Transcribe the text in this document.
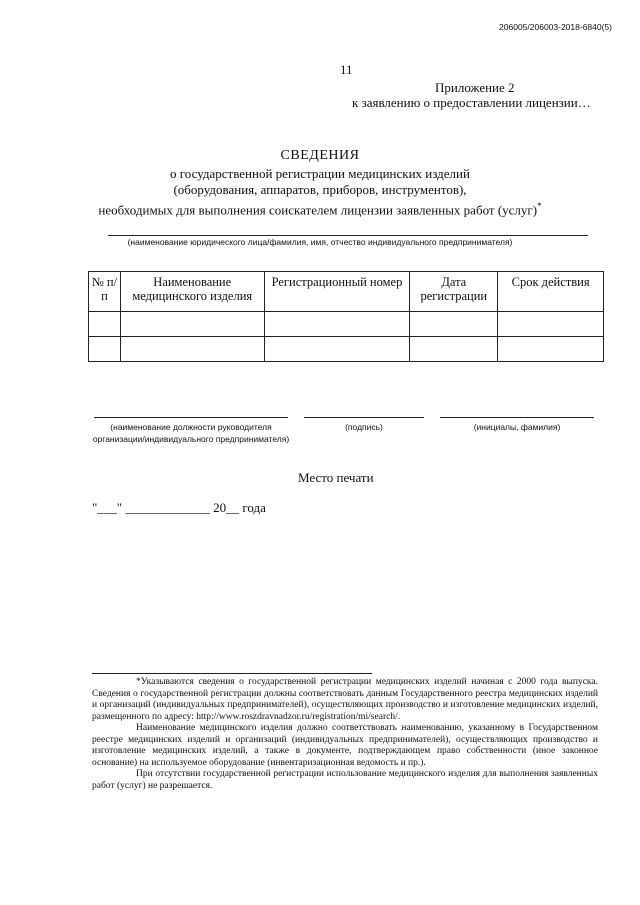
206005/206003-2018-6840(5)
11
Приложение 2
к заявлению о предоставлении лицензии…
СВЕДЕНИЯ
о государственной регистрации медицинских изделий
(оборудования, аппаратов, приборов, инструментов),
необходимых для выполнения соискателем лицензии заявленных работ (услуг)*
(наименование юридического лица/фамилия, имя, отчество индивидуального предпринимателя)
№ п/п	Наименование медицинского изделия	Регистрационный номер	Дата регистрации	Срок действия

(наименование должности руководителя организации/индивидуального предпринимателя)
(подпись)	(инициалы, фамилия)
Место печати
"___" _____________ 20__ года

*Указываются сведения о государственной регистрации медицинских изделий начиная с 2000 года выпуска. Сведения о государственной регистрации должны соответствовать данным Государственного реестра медицинских изделий и организаций (индивидуальных предпринимателей), осуществляющих производство и изготовление медицинских изделий, размещенного по адресу: http://www.roszdravnadzor.ru/registration/mi/search/.

Наименование медицинского изделия должно соответствовать наименованию, указанному в Государственном реестре медицинских изделий и организаций (индивидуальных предпринимателей), осуществляющих производство и изготовление медицинских изделий, а также в документе, подтверждающем право собственности (иное законное основание) на используемое оборудование (инвентаризационная ведомость и пр.).

При отсутствии государственной регистрации использование медицинского изделия для выполнения заявленных работ (услуг) не разрешается.
